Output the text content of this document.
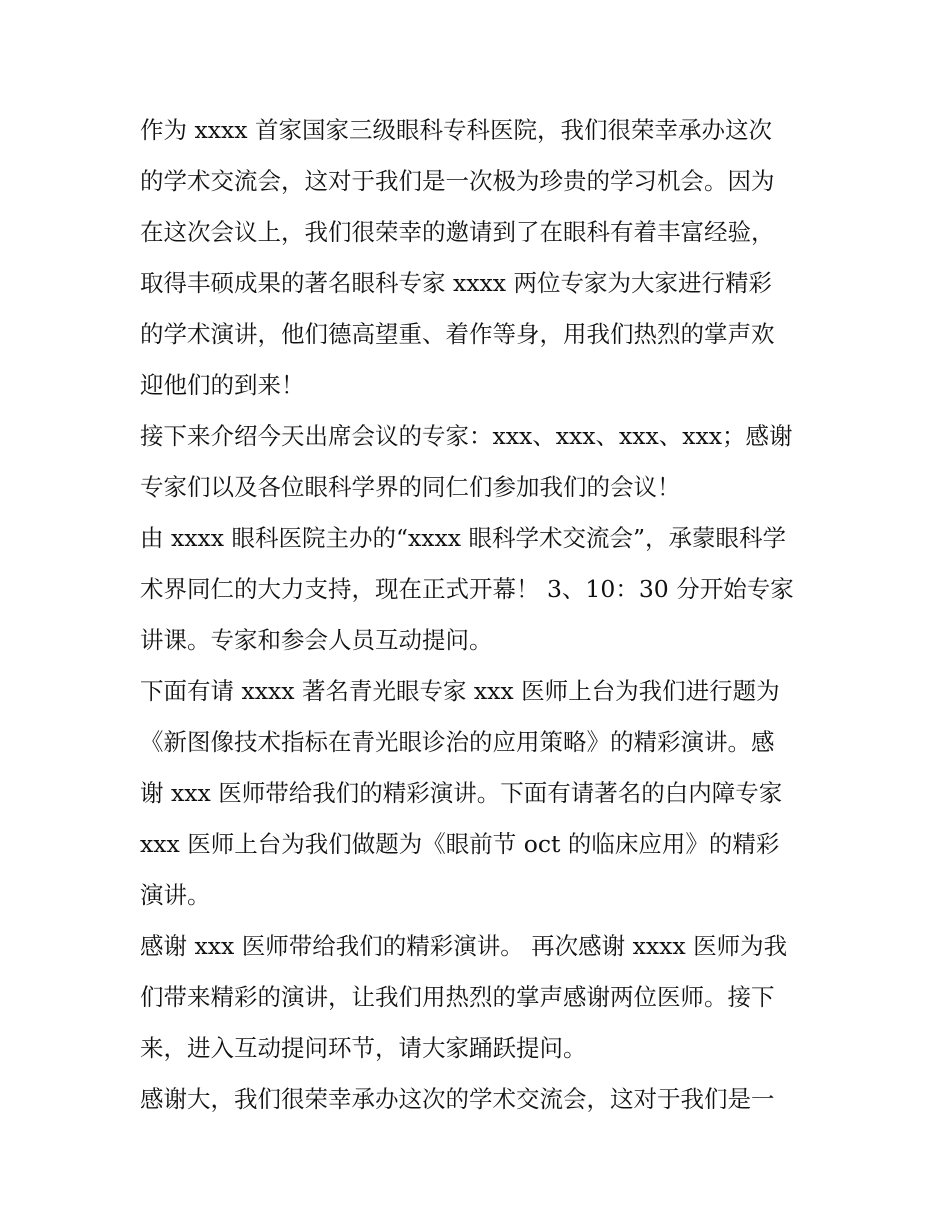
作为 xxxx 首家国家三级眼科专科医院，我们很荣幸承办这次
的学术交流会，这对于我们是一次极为珍贵的学习机会。因为
在这次会议上，我们很荣幸的邀请到了在眼科有着丰富经验，
取得丰硕成果的著名眼科专家 xxxx 两位专家为大家进行精彩
的学术演讲，他们德高望重、着作等身，用我们热烈的掌声欢
迎他们的到来！
接下来介绍今天出席会议的专家：xxx、xxx、xxx、xxx；感谢
专家们以及各位眼科学界的同仁们参加我们的会议！
由 xxxx 眼科医院主办的“xxxx 眼科学术交流会”，承蒙眼科学
术界同仁的大力支持，现在正式开幕！ 3、10：30 分开始专家
讲课。专家和参会人员互动提问。
下面有请 xxxx 著名青光眼专家 xxx 医师上台为我们进行题为
《新图像技术指标在青光眼诊治的应用策略》的精彩演讲。感
谢 xxx 医师带给我们的精彩演讲。下面有请著名的白内障专家
xxx 医师上台为我们做题为《眼前节 oct 的临床应用》的精彩
演讲。
感谢 xxx 医师带给我们的精彩演讲。 再次感谢 xxxx 医师为我
们带来精彩的演讲，让我们用热烈的掌声感谢两位医师。接下
来，进入互动提问环节，请大家踊跃提问。
感谢大，我们很荣幸承办这次的学术交流会，这对于我们是一
